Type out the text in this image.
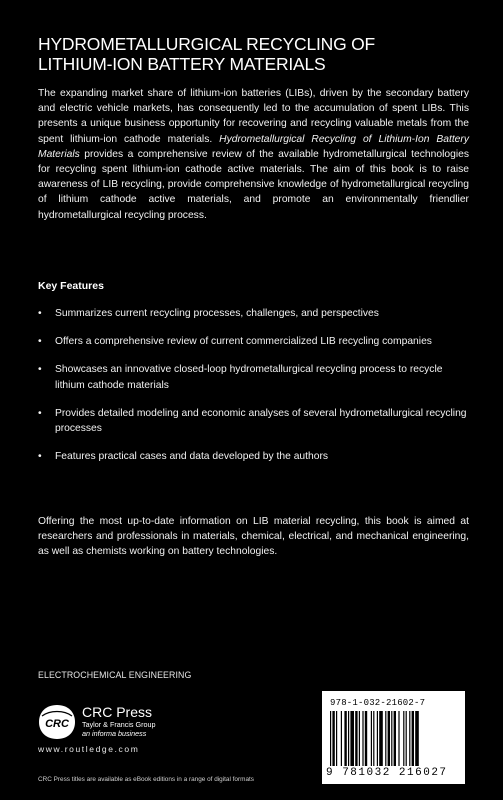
HYDROMETALLURGICAL RECYCLING OF
LITHIUM-ION BATTERY MATERIALS

The expanding market share of lithium-ion batteries (LIBs), driven by the secondary battery and electric vehicle markets, has consequently led to the accumulation of spent LIBs. This presents a unique business opportunity for recovering and recycling valuable metals from the spent lithium-ion cathode materials. Hydrometallurgical Recycling of Lithium-Ion Battery Materials provides a comprehensive review of the available hydrometallurgical technologies for recycling spent lithium-ion cathode active materials. The aim of this book is to raise awareness of LIB recycling, provide comprehensive knowledge of hydrometallurgical recycling of lithium cathode active materials, and promote an environmentally friendlier hydrometallurgical recycling process.

Key Features
• Summarizes current recycling processes, challenges, and perspectives
• Offers a comprehensive review of current commercialized LIB recycling companies
• Showcases an innovative closed-loop hydrometallurgical recycling process to recycle lithium cathode materials
• Provides detailed modeling and economic analyses of several hydrometallurgical recycling processes
• Features practical cases and data developed by the authors

Offering the most up-to-date information on LIB material recycling, this book is aimed at researchers and professionals in materials, chemical, electrical, and mechanical engineering, as well as chemists working on battery technologies.

ELECTROCHEMICAL ENGINEERING
CRC
CRC Press
Taylor & Francis Group
an informa business
www.routledge.com
CRC Press titles are available as eBook editions in a range of digital formats
978-1-032-21602-7
9 781032 216027
